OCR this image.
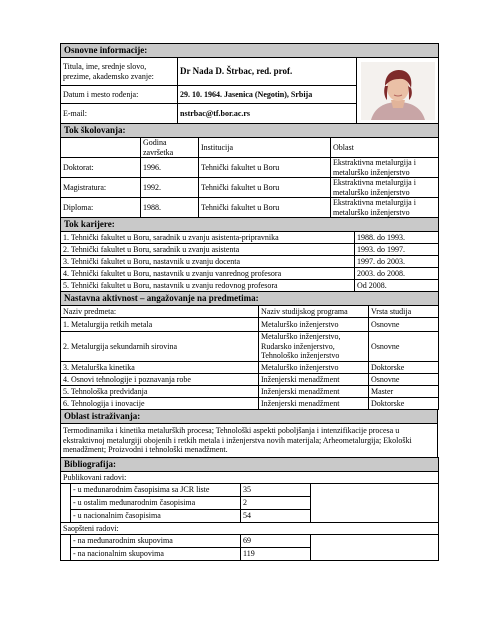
Osnovne informacije:		
Titula, ime, srednje slovo, prezime, akademsko zvanje:	Dr Nada D. Štrbac, red. prof.	

Datum i mesto rođenja:	29. 10. 1964. Jasenica (Negotin), Srbija	
E-mail:	nstrbac@tf.bor.ac.rs	
Tok školovanja:			
	Godina završetka	Institucija	Oblast
Doktorat:	1996.	Tehnički fakultet u Boru	Ekstraktivna metalurgija i metalurško inženjerstvo
Magistratura:	1992.	Tehnički fakultet u Boru	Ekstraktivna metalurgija i metalurško inženjerstvo
Diploma:	1988.	Tehnički fakultet u Boru	Ekstraktivna metalurgija i metalurško inženjerstvo
Tok karijere:	
1. Tehnički fakultet u Boru, saradnik u zvanju asistenta-pripravnika	1988. do 1993.
2. Tehnički fakultet u Boru, saradnik u zvanju asistenta	1993. do 1997.
3. Tehnički fakultet u Boru, nastavnik u zvanju docenta	1997. do 2003.
4. Tehnički fakultet u Boru, nastavnik u zvanju vanrednog profesora	2003. do 2008.
5. Tehnički fakultet u Boru, nastavnik u zvanju redovnog profesora	Od 2008.
Nastavna aktivnost – angažovanje na predmetima:		
Naziv predmeta:	Naziv studijskog programa	Vrsta studija
1. Metalurgija retkih metala	Metalurško inženjerstvo	Osnovne
2. Metalurgija sekundarnih sirovina	Metalurško inženjerstvo, Rudarsko inženjerstvo, Tehnološko inženjerstvo	Osnovne
3. Metalurška kinetika	Metalurško inženjerstvo	Doktorske
4. Osnovi tehnologije i poznavanja robe	Inženjerski menadžment	Osnovne
5. Tehnološka predviđanja	Inženjerski menadžment	Master
6. Tehnologija i inovacije	Inženjerski menadžment	Doktorske
Oblast istraživanja:
Termodinamika i kinetika metalurških procesa; Tehnološki aspekti poboljšanja i intenzifikacije procesa u ekstraktivnoj metalurgiji obojenih i retkih metala i inženjerstva novih materijala; Arheometalurgija; Ekološki menadžment; Proizvodni i tehnološki menadžment.
Bibliografija:			
Publikovani radovi:			
	- u međunarodnim časopisima sa JCR liste	35	
	- u ostalim međunarodnim časopisima	2	
	- u nacionalnim časopisima	54	
Saopšteni radovi:			
	- na međunarodnim skupovima	69	
	- na nacionalnim skupovima	119	
